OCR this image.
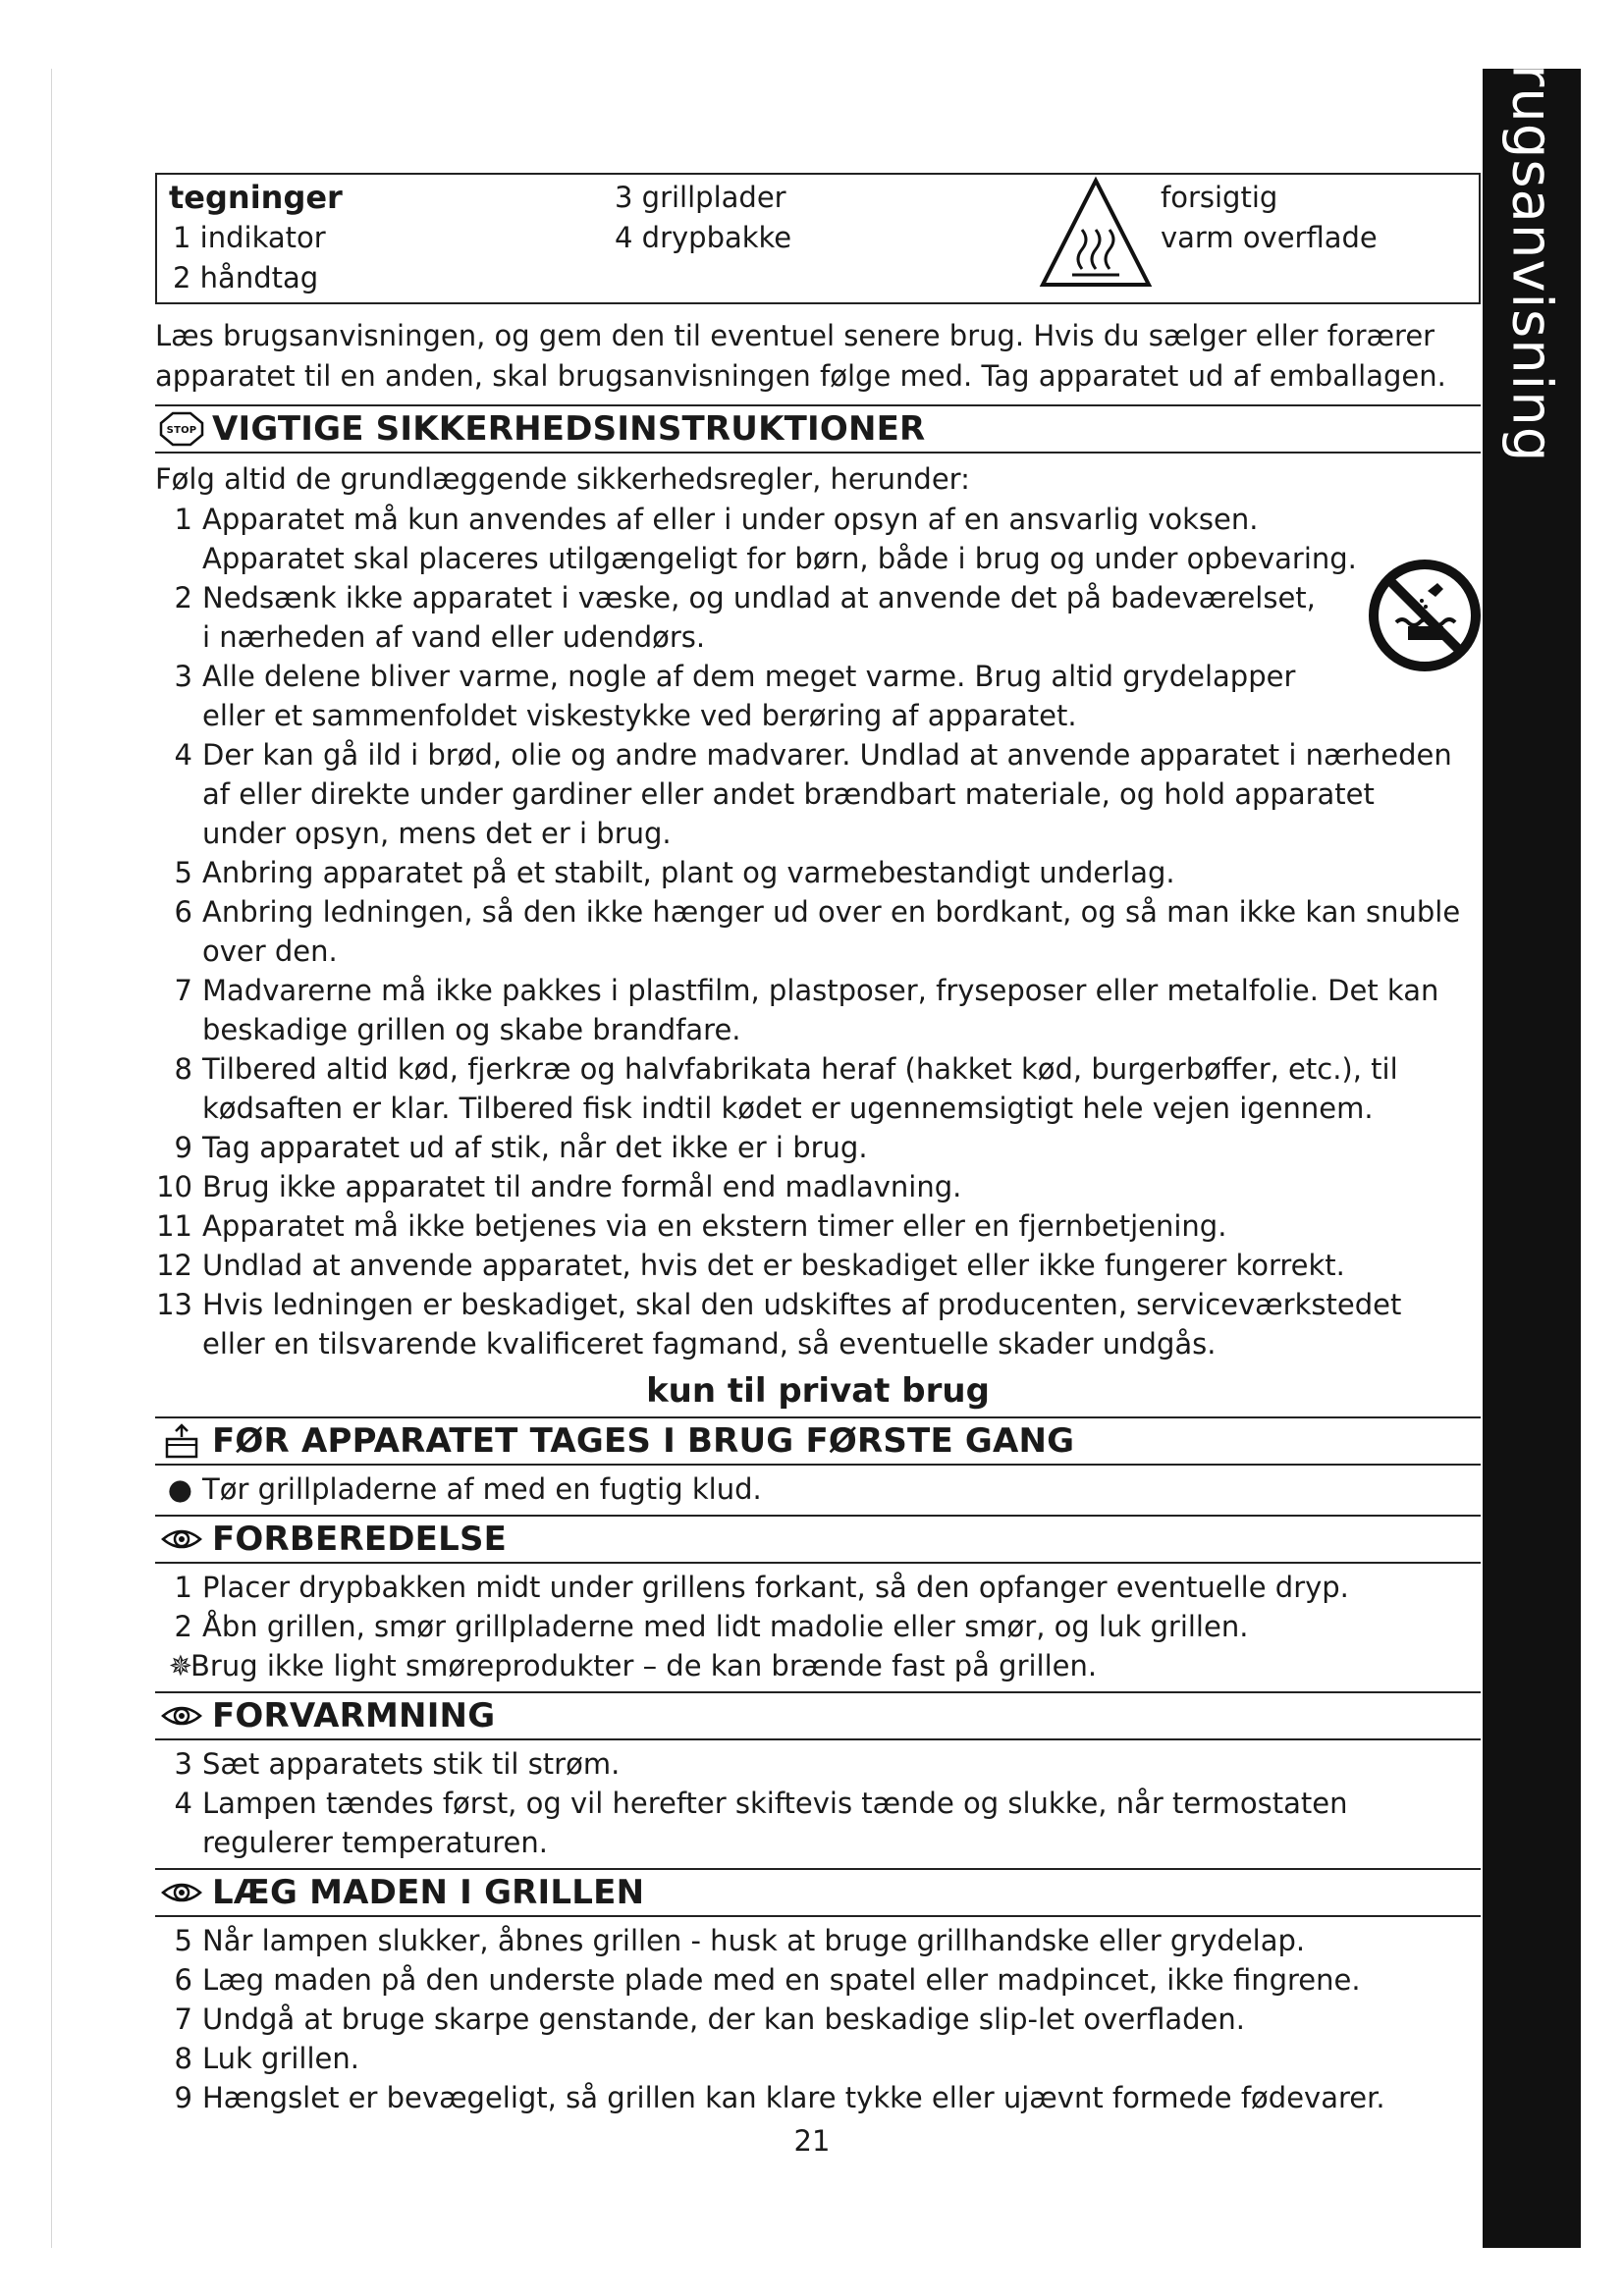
brugsanvisning
tegninger
1 indikator
2 håndtag
3 grillplader
4 drypbakke
forsigtig
varm overflade

Læs brugsanvisningen, og gem den til eventuel senere brug. Hvis du sælger eller forærer apparatet til en anden, skal brugsanvisningen følge med. Tag apparatet ud af emballagen.

STOP VIGTIGE SIKKERHEDSINSTRUKTIONER
Følg altid de grundlæggende sikkerhedsregler, herunder:
1 Apparatet må kun anvendes af eller i under opsyn af en ansvarlig voksen. Apparatet skal placeres utilgængeligt for børn, både i brug og under opbevaring.
2 Nedsænk ikke apparatet i væske, og undlad at anvende det på badeværelset, i nærheden af vand eller udendørs.
3 Alle delene bliver varme, nogle af dem meget varme. Brug altid grydelapper eller et sammenfoldet viskestykke ved berøring af apparatet.
4 Der kan gå ild i brød, olie og andre madvarer. Undlad at anvende apparatet i nærheden af eller direkte under gardiner eller andet brændbart materiale, og hold apparatet under opsyn, mens det er i brug.
5 Anbring apparatet på et stabilt, plant og varmebestandigt underlag.
6 Anbring ledningen, så den ikke hænger ud over en bordkant, og så man ikke kan snuble over den.
7 Madvarerne må ikke pakkes i plastfilm, plastposer, fryseposer eller metalfolie. Det kan beskadige grillen og skabe brandfare.
8 Tilbered altid kød, fjerkræ og halvfabrikata heraf (hakket kød, burgerbøffer, etc.), til kødsaften er klar. Tilbered fisk indtil kødet er ugennemsigtigt hele vejen igennem.
9 Tag apparatet ud af stik, når det ikke er i brug.
10 Brug ikke apparatet til andre formål end madlavning.
11 Apparatet må ikke betjenes via en ekstern timer eller en fjernbetjening.
12 Undlad at anvende apparatet, hvis det er beskadiget eller ikke fungerer korrekt.
13 Hvis ledningen er beskadiget, skal den udskiftes af producenten, serviceværkstedet eller en tilsvarende kvalificeret fagmand, så eventuelle skader undgås.
kun til privat brug
FØR APPARATET TAGES I BRUG FØRSTE GANG
● Tør grillpladerne af med en fugtig klud.
FORBEREDELSE
1 Placer drypbakken midt under grillens forkant, så den opfanger eventuelle dryp.
2 Åbn grillen, smør grillpladerne med lidt madolie eller smør, og luk grillen.
✵
Brug ikke light smøreprodukter – de kan brænde fast på grillen.
FORVARMNING
3 Sæt apparatets stik til strøm.
4 Lampen tændes først, og vil herefter skiftevis tænde og slukke, når termostaten regulerer temperaturen.
LÆG MADEN I GRILLEN
5 Når lampen slukker, åbnes grillen - husk at bruge grillhandske eller grydelap.
6 Læg maden på den underste plade med en spatel eller madpincet, ikke fingrene.
7 Undgå at bruge skarpe genstande, der kan beskadige slip-let overfladen.
8 Luk grillen.
9 Hængslet er bevægeligt, så grillen kan klare tykke eller ujævnt formede fødevarer.
21
